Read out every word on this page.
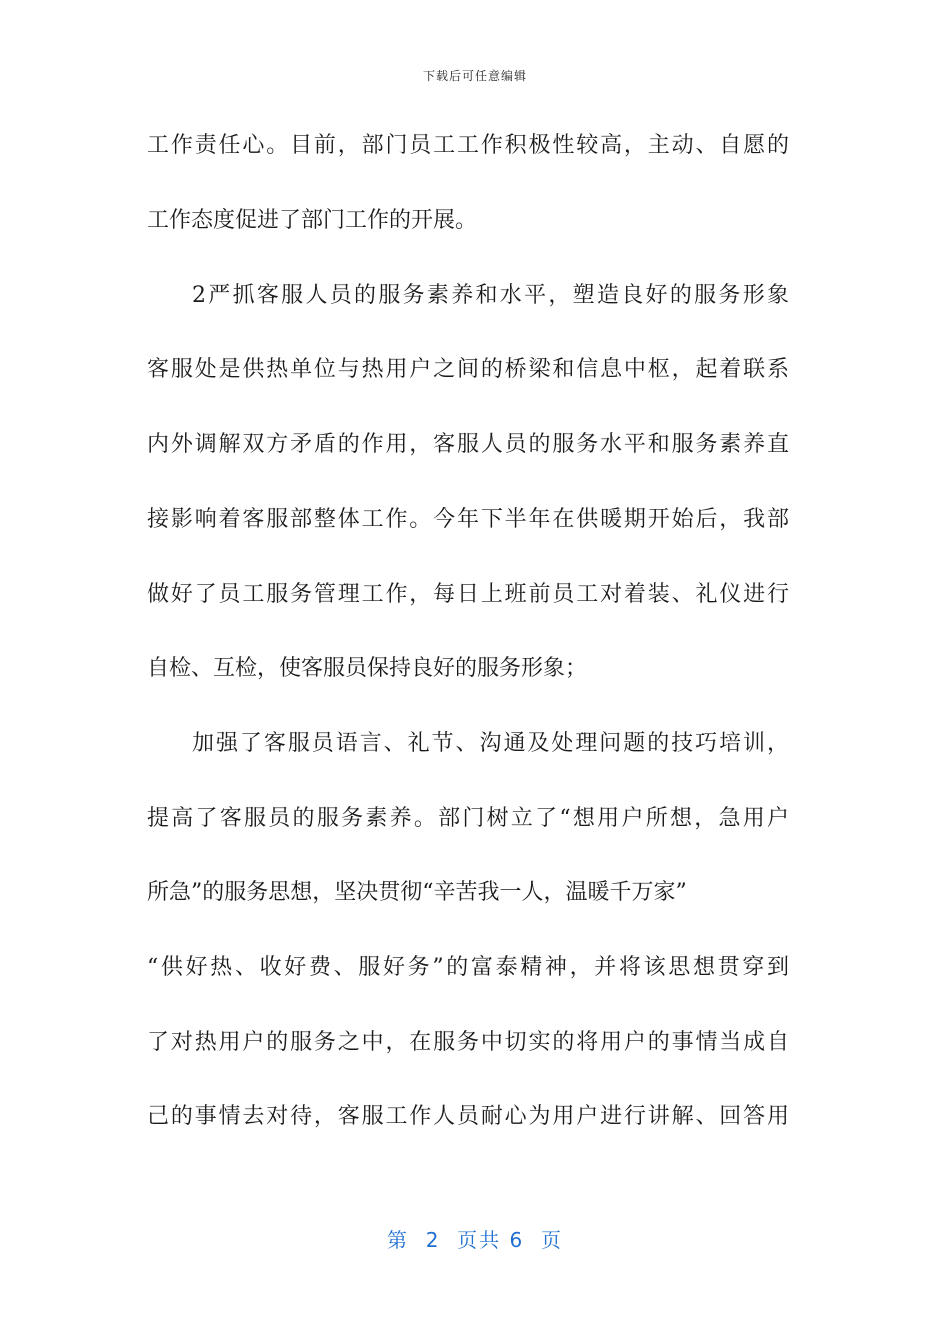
下载后可任意编辑
工作责任心。目前，部门员工工作积极性较高，主动、自愿的
工作态度促进了部门工作的开展。
2严抓客服人员的服务素养和水平，塑造良好的服务形象
客服处是供热单位与热用户之间的桥梁和信息中枢，起着联系
内外调解双方矛盾的作用，客服人员的服务水平和服务素养直
接影响着客服部整体工作。今年下半年在供暖期开始后，我部
做好了员工服务管理工作，每日上班前员工对着装、礼仪进行
自检、互检，使客服员保持良好的服务形象；
加强了客服员语言、礼节、沟通及处理问题的技巧培训，
提高了客服员的服务素养。部门树立了“想用户所想，急用户
所急”的服务思想，坚决贯彻“辛苦我一人，温暖千万家”
“供好热、收好费、服好务”的富泰精神，并将该思想贯穿到
了对热用户的服务之中，在服务中切实的将用户的事情当成自
己的事情去对待，客服工作人员耐心为用户进行讲解、回答用
第  2  页共 6  页
